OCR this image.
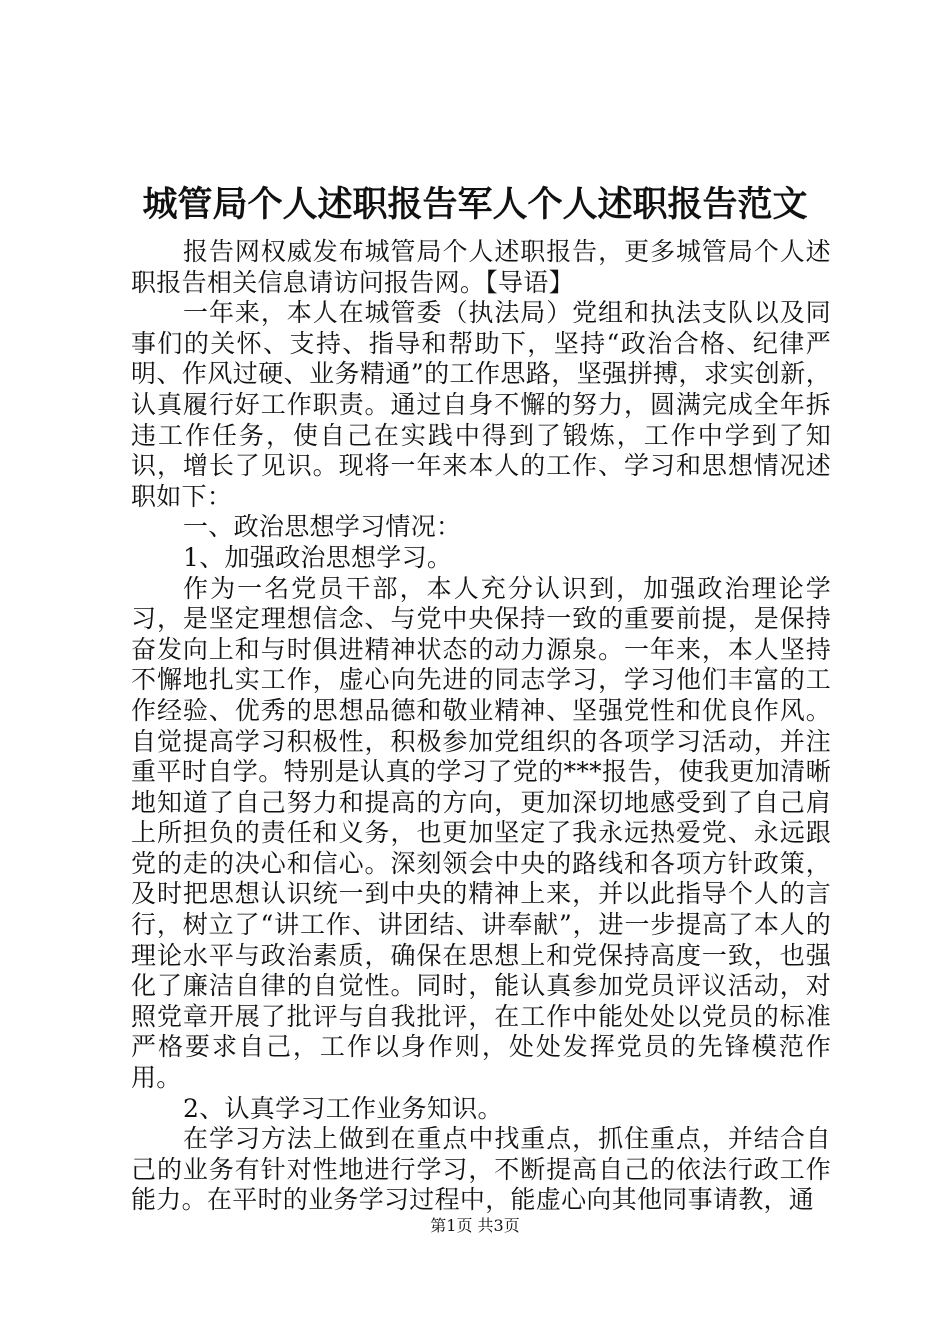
城管局个人述职报告军人个人述职报告范文

报告网权威发布城管局个人述职报告，更多城管局个人述职报告相关信息请访问报告网。【导语】

一年来，本人在城管委（执法局）党组和执法支队以及同事们的关怀、支持、指导和帮助下，坚持“政治合格、纪律严明、作风过硬、业务精通”的工作思路，坚强拼搏，求实创新，认真履行好工作职责。通过自身不懈的努力，圆满完成全年拆违工作任务，使自己在实践中得到了锻炼，工作中学到了知识，增长了见识。现将一年来本人的工作、学习和思想情况述职如下：

一、政治思想学习情况：

1、加强政治思想学习。

作为一名党员干部，本人充分认识到，加强政治理论学习，是坚定理想信念、与党中央保持一致的重要前提，是保持奋发向上和与时俱进精神状态的动力源泉。一年来，本人坚持不懈地扎实工作，虚心向先进的同志学习，学习他们丰富的工作经验、优秀的思想品德和敬业精神、坚强党性和优良作风。自觉提高学习积极性，积极参加党组织的各项学习活动，并注重平时自学。特别是认真的学习了党的***报告，使我更加清晰地知道了自己努力和提高的方向，更加深切地感受到了自己肩上所担负的责任和义务，也更加坚定了我永远热爱党、永远跟党的走的决心和信心。深刻领会中央的路线和各项方针政策，及时把思想认识统一到中央的精神上来，并以此指导个人的言行，树立了“讲工作、讲团结、讲奉献”，进一步提高了本人的理论水平与政治素质，确保在思想上和党保持高度一致，也强化了廉洁自律的自觉性。同时，能认真参加党员评议活动，对照党章开展了批评与自我批评，在工作中能处处以党员的标准严格要求自己，工作以身作则，处处发挥党员的先锋模范作用。

2、认真学习工作业务知识。

在学习方法上做到在重点中找重点，抓住重点，并结合自己的业务有针对性地进行学习，不断提高自己的依法行政工作能力。在平时的业务学习过程中，能虚心向其他同事请教，通

第1页 共3页
